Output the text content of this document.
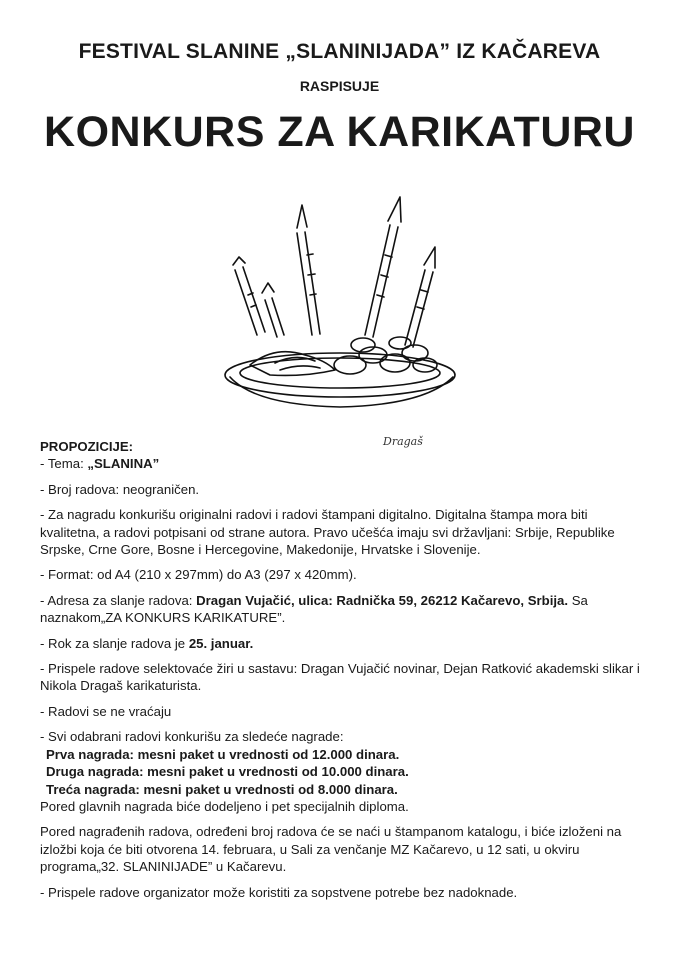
FESTIVAL SLANINE „SLANINIJADA” IZ KAČAREVA
RASPISUJE
KONKURS ZA KARIKATURU
Dragaš

PROPOZICIJE:

- Tema: „SLANINA”

- Broj radova: neograničen.

- Za nagradu konkurišu originalni radovi i radovi štampani digitalno. Digitalna štampa mora biti kvalitetna, a radovi potpisani od strane autora. Pravo učešća imaju svi državljani: Srbije, Republike Srpske, Crne Gore, Bosne i Hercegovine, Makedonije, Hrvatske i Slovenije.

- Format: od A4 (210 x 297mm) do A3 (297 x 420mm).

- Adresa za slanje radova: Dragan Vujačić, ulica: Radnička 59, 26212 Kačarevo, Srbija. Sa naznakom„ZA KONKURS KARIKATURE”.

- Rok za slanje radova je 25. januar.

- Prispele radove selektovaće žiri u sastavu: Dragan Vujačić novinar, Dejan Ratković akademski slikar i Nikola Dragaš karikaturista.

- Radovi se ne vraćaju

- Svi odabrani radovi konkurišu za sledeće nagrade:

Prva nagrada: mesni paket u vrednosti od 12.000 dinara.
Druga nagrada: mesni paket u vrednosti od 10.000 dinara.
Treća nagrada: mesni paket u vrednosti od 8.000 dinara.

Pored glavnih nagrada biće dodeljeno i pet specijalnih diploma.

Pored nagrađenih radova, određeni broj radova će se naći u štampanom katalogu, i biće izloženi na izložbi koja će biti otvorena 14. februara, u Sali za venčanje MZ Kačarevo, u 12 sati, u okviru programa„32. SLANINIJADE” u Kačarevu.

- Prispele radove organizator može koristiti za sopstvene potrebe bez nadoknade.
